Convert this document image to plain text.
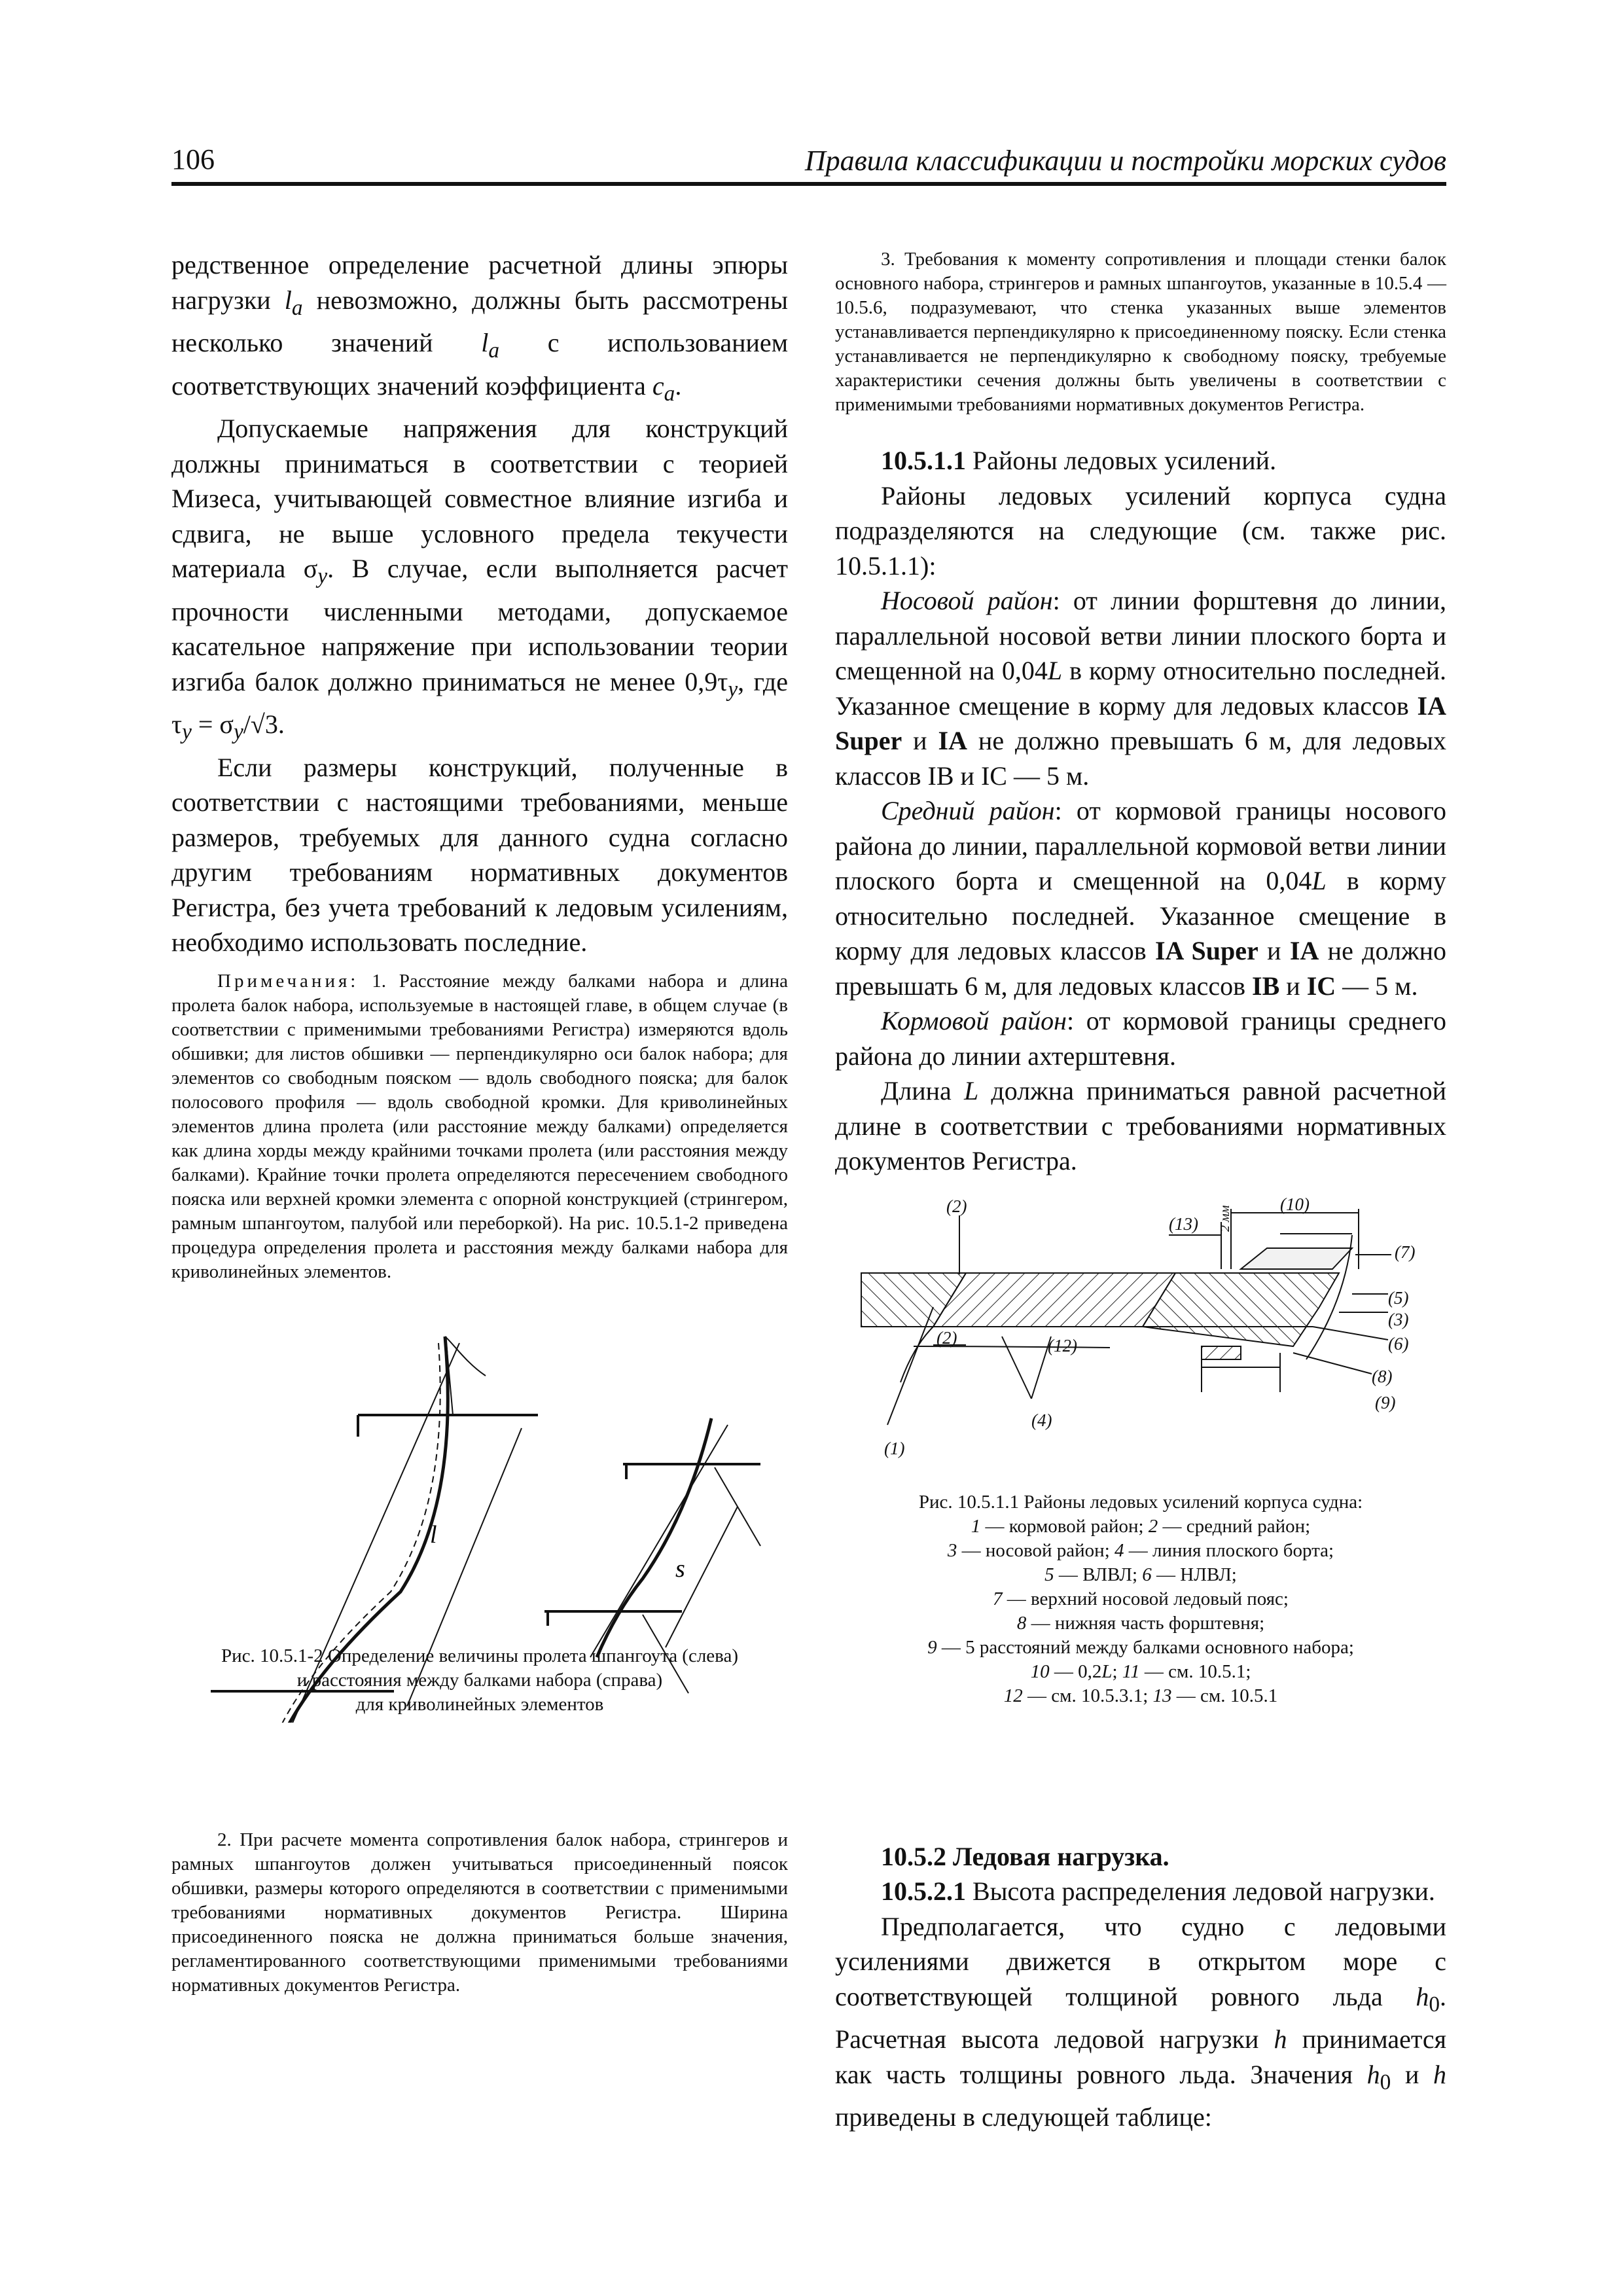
106	Правила классификации и постройки морских судов

редственное определение расчетной длины эпюры нагрузки $l_a$ невозможно, должны быть рассмотрены несколько значений $l_a$ с использованием соответствующих значений коэффициента $c_a$.

Допускаемые напряжения для конструкций должны приниматься в соответствии с теорией Мизеса, учитывающей совместное влияние изгиба и сдвига, не выше условного предела текучести материала $\sigma_y$. В случае, если выполняется расчет прочности численными методами, допускаемое касательное напряжение при использовании теории изгиба балок должно приниматься не менее $0,9\tau_y$, где $\tau_y = \sigma_y/√3$.

Если размеры конструкций, полученные в соответствии с настоящими требованиями, меньше размеров, требуемых для данного судна согласно другим требованиям нормативных документов Регистра, без учета требований к ледовым усилениям, необходимо использовать последние.

Примечания: 1. Расстояние между балками набора и длина пролета балок набора, используемые в настоящей главе, в общем случае (в соответствии с применимыми требованиями Регистра) измеряются вдоль обшивки; для листов обшивки — перпендикулярно оси балок набора; для элементов со свободным пояском — вдоль свободного пояска; для балок полосового профиля — вдоль свободной кромки. Для криволинейных элементов длина пролета (или расстояние между балками) определяется как длина хорды между крайними точками пролета (или расстояния между балками). Крайние точки пролета определяются пересечением свободного пояска или верхней кромки элемента с опорной конструкцией (стрингером, рамным шпангоутом, палубой или переборкой). На рис. 10.5.1-2 приведена процедура определения пролета и расстояния между балками набора для криволинейных элементов.

l
s

Рис. 10.5.1-2 Определение величины пролета шпангоута (слева)

и расстояния между балками набора (справа)

для криволинейных элементов

2. При расчете момента сопротивления балок набора, стрингеров и рамных шпангоутов должен учитываться присоединенный поясок обшивки, размеры которого определяются в соответствии с применимыми требованиями нормативных документов Регистра. Ширина присоединенного пояска не должна приниматься больше значения, регламентированного соответствующими применимыми требованиями нормативных документов Регистра.

3. Требования к моменту сопротивления и площади стенки балок основного набора, стрингеров и рамных шпангоутов, указанные в 10.5.4 — 10.5.6, подразумевают, что стенка указанных выше элементов устанавливается перпендикулярно к присоединенному пояску. Если стенка устанавливается не перпендикулярно к свободному пояску, требуемые характеристики сечения должны быть увеличены в соответствии с применимыми требованиями нормативных документов Регистра.

10.5.1.1 Районы ледовых усилений.

Районы ледовых усилений корпуса судна подразделяются на следующие (см. также рис. 10.5.1.1):

Носовой район: от линии форштевня до линии, параллельной носовой ветви линии плоского борта и смещенной на 0,04L в корму относительно последней. Указанное смещение в корму для ледовых классов IA Super и IA не должно превышать 6 м, для ледовых классов IB и IC — 5 м.

Средний район: от кормовой границы носового района до линии, параллельной кормовой ветви линии плоского борта и смещенной на 0,04L в корму относительно последней. Указанное смещение в корму для ледовых классов IA Super и IA не должно превышать 6 м, для ледовых классов IB и IC — 5 м.

Кормовой район: от кормовой границы среднего района до линии ахтерштевня.

Длина L должна приниматься равной расчетной длине в соответствии с требованиями нормативных документов Регистра.

(1)
(2)
(2)
(3)
(4)
(5)
(6)
(7)
(8)
(9)
(10)
(12)
(13) 2 мм

Рис. 10.5.1.1 Районы ледовых усилений корпуса судна:

1 — кормовой район; 2 — средний район;

3 — носовой район; 4 — линия плоского борта;

5 — ВЛВЛ; 6 — НЛВЛ;

7 — верхний носовой ледовый пояс;

8 — нижняя часть форштевня;

9 — 5 расстояний между балками основного набора;

10 — 0,2L; 11 — см. 10.5.1;

12 — см. 10.5.3.1; 13 — см. 10.5.1

10.5.2 Ледовая нагрузка.

10.5.2.1 Высота распределения ледовой нагрузки.

Предполагается, что судно с ледовыми усилениями движется в открытом море с соответствующей толщиной ровного льда $h_0$. Расчетная высота ледовой нагрузки h принимается как часть толщины ровного льда. Значения $h_0$ и h приведены в следующей таблице:
